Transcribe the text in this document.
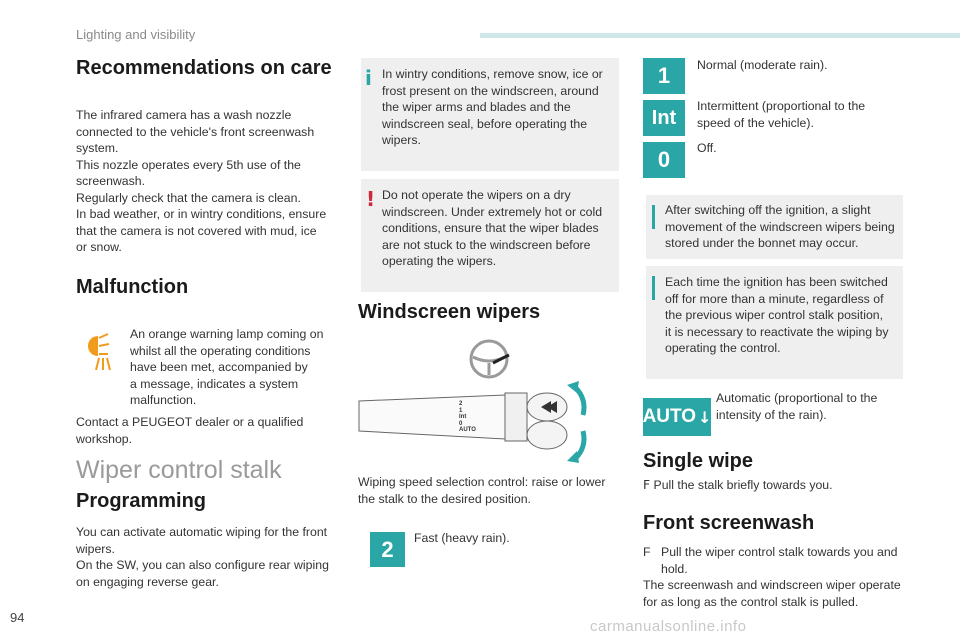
Lighting and visibility
Recommendations on care
The infrared camera has a wash nozzle
connected to the vehicle's front screenwash
system.
This nozzle operates every 5th use of the
screenwash.
Regularly check that the camera is clean.
In bad weather, or in wintry conditions, ensure
that the camera is not covered with mud, ice
or snow.
Malfunction
An orange warning lamp coming on
whilst all the operating conditions
have been met, accompanied by
a message, indicates a system
malfunction.
Contact a PEUGEOT dealer or a qualified
workshop.
Wiper control stalk
Programming
You can activate automatic wiping for the front
wipers.
On the SW, you can also configure rear wiping
on engaging reverse gear.
i In wintry conditions, remove snow, ice or
frost present on the windscreen, around
the wiper arms and blades and the
windscreen seal, before operating the
wipers.
! Do not operate the wipers on a dry
windscreen. Under extremely hot or cold
conditions, ensure that the wiper blades
are not stuck to the windscreen before
operating the wipers.
Windscreen wipers
2
1
Int
0
AUTO
Wiping speed selection control: raise or lower
the stalk to the desired position.
2	Fast (heavy rain).
1	Normal (moderate rain).
Int
Intermittent (proportional to the
speed of the vehicle).
0	Off.
After switching off the ignition, a slight
movement of the windscreen wipers being
stored under the bonnet may occur.
Each time the ignition has been switched
off for more than a minute, regardless of
the previous wiper control stalk position,
it is necessary to reactivate the wiping by
operating the control.
AUTO ↓
Automatic (proportional to the
intensity of the rain).
Single wipe
F Pull the stalk briefly towards you.
Front screenwash
F Pull the wiper control stalk towards you and
hold.
The screenwash and windscreen wiper operate
for as long as the control stalk is pulled.
94
carmanualsonline.info
